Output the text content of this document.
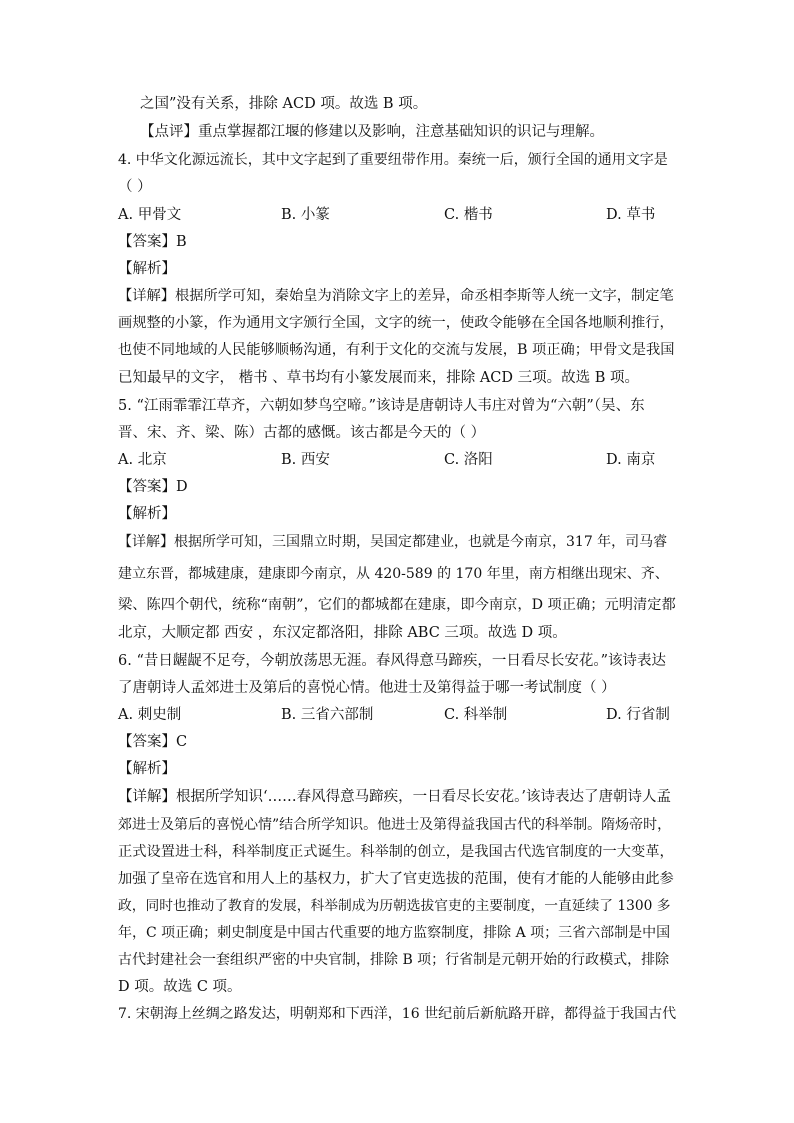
之国”没有关系，排除 ACD 项。故选 B 项。
【点评】重点掌握都江堰的修建以及影响，注意基础知识的识记与理解。
4. 中华文化源远流长，其中文字起到了重要纽带作用。秦统一后，颁行全国的通用文字是
（ ）
A. 甲骨文	B. 小篆	C. 楷书	D. 草书
【答案】B
【解析】
【详解】根据所学可知，秦始皇为消除文字上的差异，命丞相李斯等人统一文字，制定笔
画规整的小篆，作为通用文字颁行全国，文字的统一，使政令能够在全国各地顺利推行，
也使不同地域的人民能够顺畅沟通，有利于文化的交流与发展，B 项正确；甲骨文是我国
已知最早的文字， 楷书 、草书均有小篆发展而来，排除 ACD 三项。故选 B 项。
5. “江雨霏霏江草齐，六朝如梦鸟空啼。”该诗是唐朝诗人韦庄对曾为“六朝”（吴、东
晋、宋、齐、梁、陈）古都的感慨。该古都是今天的（ ）
A. 北京	B. 西安	C. 洛阳	D. 南京
【答案】D
【解析】
【详解】根据所学可知，三国鼎立时期，吴国定都建业，也就是今南京，317 年，司马睿
建立东晋，都城建康，建康即今南京，从 420-589 的 170 年里，南方相继出现宋、齐、
梁、陈四个朝代，统称“南朝”，它们的都城都在建康，即今南京，D 项正确；元明清定都
北京，大顺定都 西安 ，东汉定都洛阳，排除 ABC 三项。故选 D 项。
6. “昔日龌龊不足夸，今朝放荡思无涯。春风得意马蹄疾，一日看尽长安花。”该诗表达
了唐朝诗人孟郊进士及第后的喜悦心情。他进士及第得益于哪一考试制度（ ）
A. 刺史制	B. 三省六部制	C. 科举制	D. 行省制
【答案】C
【解析】
【详解】根据所学知识‘……春风得意马蹄疾，一日看尽长安花。’该诗表达了唐朝诗人孟
郊进士及第后的喜悦心情”结合所学知识。他进士及第得益我国古代的科举制。隋炀帝时，
正式设置进士科，科举制度正式诞生。科举制的创立，是我国古代选官制度的一大变革，
加强了皇帝在选官和用人上的基权力，扩大了官吏选拔的范围，使有才能的人能够由此参
政，同时也推动了教育的发展，科举制成为历朝选拔官吏的主要制度，一直延续了 1300 多
年，C 项正确；刺史制度是中国古代重要的地方监察制度，排除 A 项；三省六部制是中国
古代封建社会一套组织严密的中央官制，排除 B 项；行省制是元朝开始的行政模式，排除
D 项。故选 C 项。
7. 宋朝海上丝绸之路发达，明朝郑和下西洋，16 世纪前后新航路开辟，都得益于我国古代
